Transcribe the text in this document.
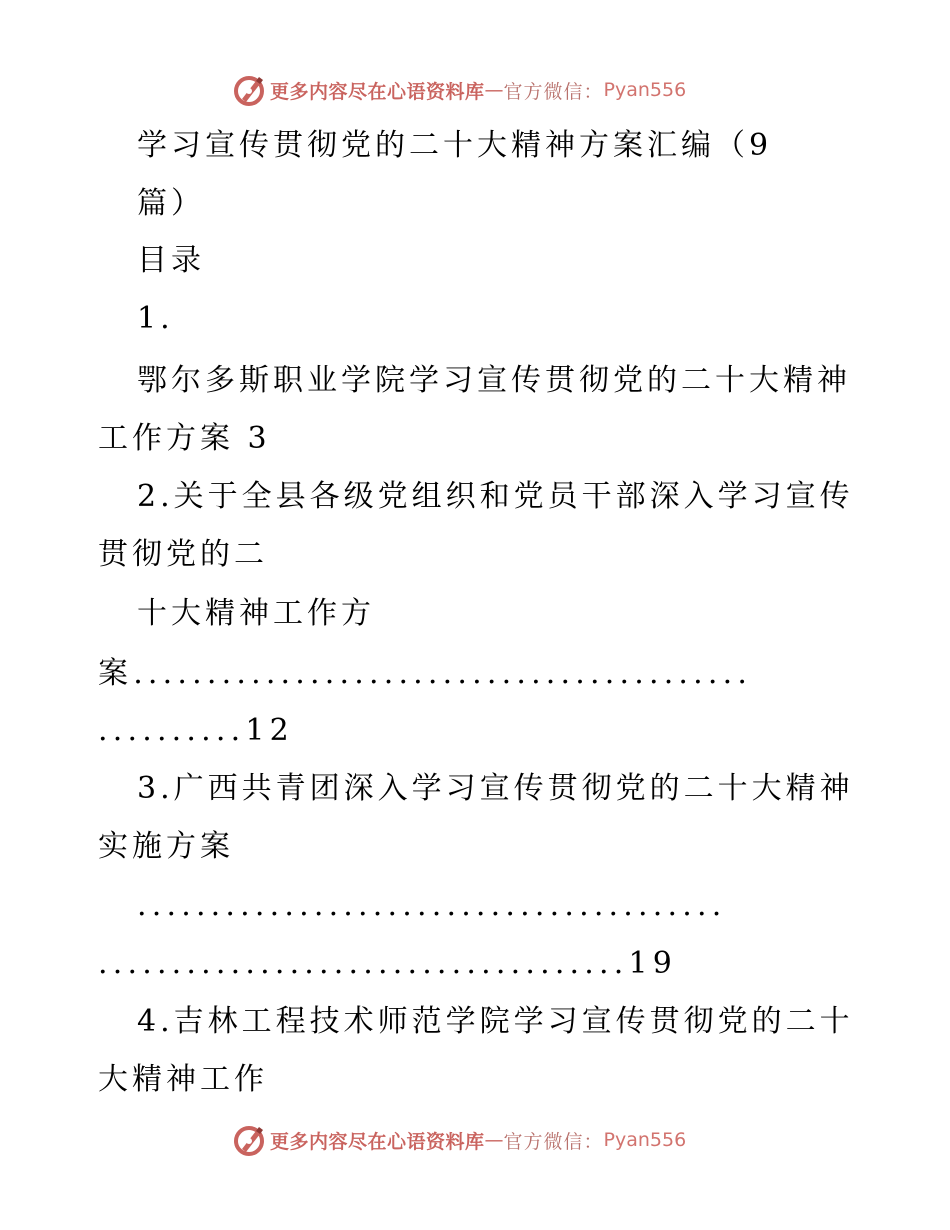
更多内容尽在心语资料库 — 官方微信： Pyan556
学习宣传贯彻党的二十大精神方案汇编（9
篇）
目录
1.
鄂尔多斯职业学院学习宣传贯彻党的二十大精神
工作方案 3
2.关于全县各级党组织和党员干部深入学习宣传
贯彻党的二
十大精神工作方
案..........................................
..........12
3.广西共青团深入学习宣传贯彻党的二十大精神
实施方案
........................................
....................................19
4.吉林工程技术师范学院学习宣传贯彻党的二十
大精神工作
更多内容尽在心语资料库 — 官方微信： Pyan556
